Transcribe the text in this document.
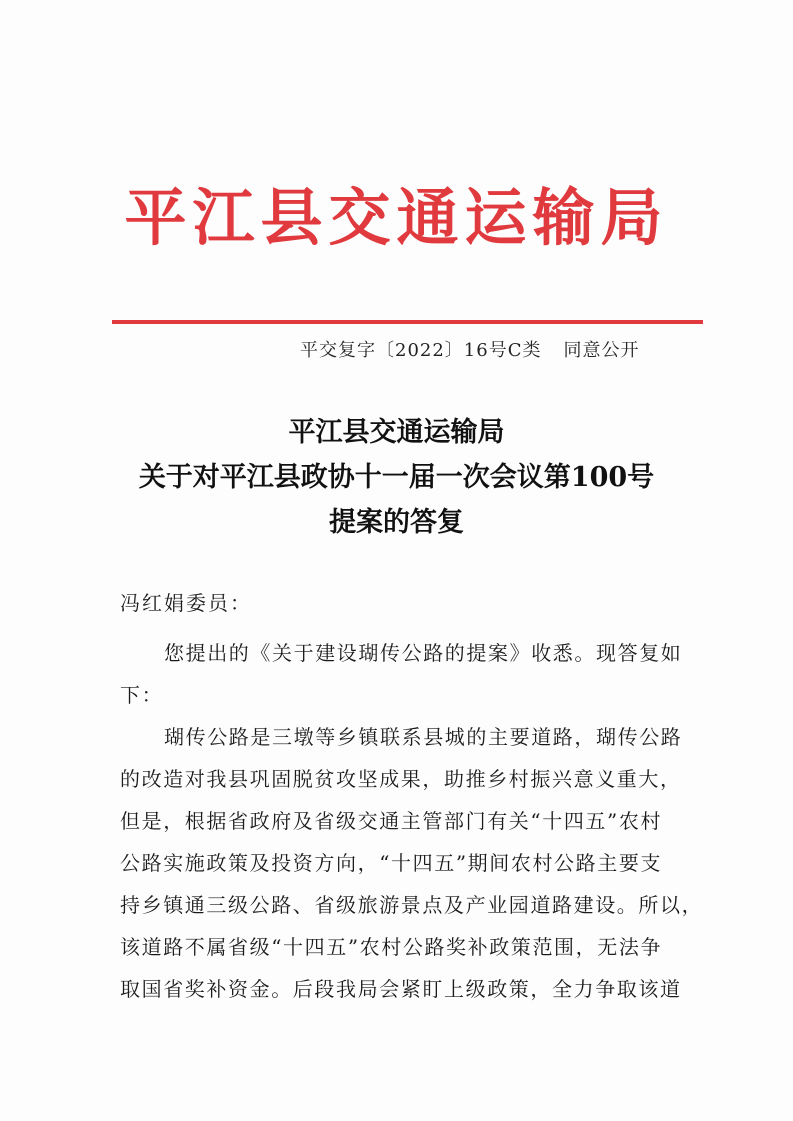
平江县交通运输局
平交复字〔2022〕16号C类 同意公开
平江县交通运输局
关于对平江县政协十一届一次会议第100号
提案的答复
冯红娟委员：
您提出的《关于建设瑚传公路的提案》收悉。现答复如
下：
瑚传公路是三墩等乡镇联系县城的主要道路，瑚传公路
的改造对我县巩固脱贫攻坚成果，助推乡村振兴意义重大，
但是，根据省政府及省级交通主管部门有关“十四五”农村
公路实施政策及投资方向，“十四五”期间农村公路主要支
持乡镇通三级公路、省级旅游景点及产业园道路建设。所以，
该道路不属省级“十四五”农村公路奖补政策范围，无法争
取国省奖补资金。后段我局会紧盯上级政策，全力争取该道
